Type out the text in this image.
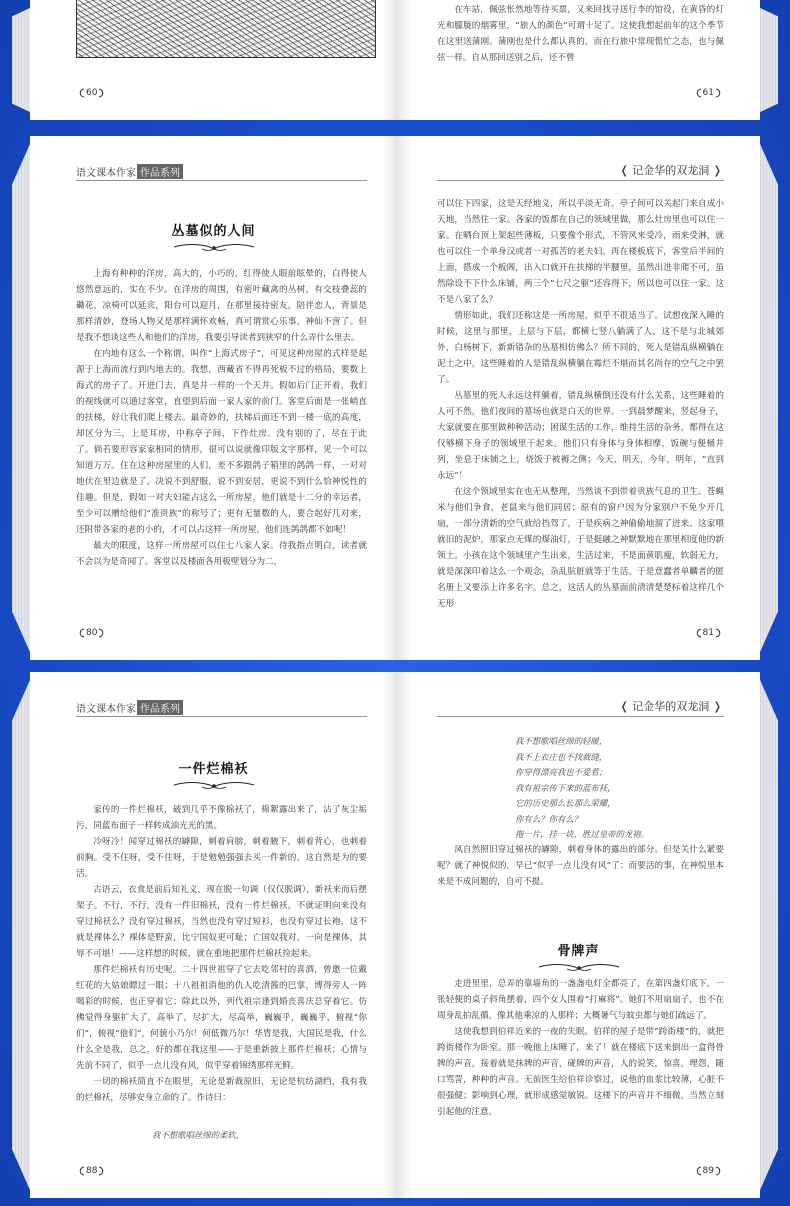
60

在车站，佩弦怅然地等待买票，又来回找寻送行李的馆役，在黄昏的灯光和朦胧的烟雾里，“旅人的颜色”可谓十足了。这使我想起前年的这个季节在这里送蒲刚。蒲刚也是什么都认真的，而在行旅中常现慌忙之态，也与佩弦一样。自从那回送别之后，还不曾

61
语文课本作家 作品系列
丛墓似的人间

上海有种种的洋房，高大的，小巧的，红得使人眼前眩晕的，白得使人悠然意远的，实在不少。在洋房的周围，有密叶藏禽的丛树，有交枝叠蕊的磡花，凉椅可以延宾，阳台可以迎月，在那里接待密友，陪伴恋人，背景是那样清妙，登场人物又是那样满怀欢畅，真可谓赏心乐事，神仙不啻了。但是我不想谈这些人和他们的洋房，我要引导读者到狭窄的什么弄什么里去。

在内地有这么一个称谓，叫作“上海式房子”，可见这种房屋的式样是起源于上海而流行到内地去的。我想，西藏省不得再死板不过的格局，要数上海式的房子了。开进门去，真是井一样的一个天井。假如后门正开着，我们的视线就可以通过客堂，直望到后面一家人家的前门。客堂后面是一张峭直的扶梯，好让我们爬上楼去。最奇妙的，扶梯后面还不到一楼一底的高度，却区分为三，上是耳房，中称亭子间，下作灶房。没有别的了，尽在于此了。倘若要形容家家相同的情形，很可以说就像印版文字那样，见一个可以知道万万。住在这种房屋里的人们，差不多跟鸽子箱里的鸽鸽一样，一对对地伏在里边就是了。决说不到舒服，说不到安居，更说不到什么恰神悦性的佳趣。但是，假如一对夫妇能占这么一所房屋，他们就是十二分的幸运者，至少可以赠给他们“准贵族”的称号了；更有无量数的人，要合起好几对来，还附带各家的老的小的，才可以占这样一所房屋，他们连鸽鸽都不如呢！

最大的限度，这样一所房屋可以住七八家人家。待我指点明白，读者就不会以为是奇闻了。客堂以及楼面各用板壁划分为二，

80
❬ 记金华的双龙洞 ❭

可以住下四家，这是天经地义，所以平淡无奇。亭子间可以关起门来自成小天地，当然住一家。各家的饭都在自己的领域里做，那么灶房里也可以住一家。在晒台顶上架起些薄板，只要像个形式，不管风来受冷，雨来受淋，就也可以住一个单身汉或者一对孤苦的老夫妇。再在楼板底下，客堂后半间的上面，搭成一个板阁，出入口就开在扶梯的半腰里，虽然出进非爬不可，虽然除设不下什么床铺，两三个“七尺之躯”还容得下，所以也可以住一家。这不是八家了么？

情形如此，我们还称这是一所房屋，似乎不很适当了。试想夜深入睡的时候，这里与那里，上层与下层，都横七竖八躺满了人，这不是与北城郊外，白杨树下，新新错杂的丛墓相仿佛么？所不同的，死人是错乱纵横躺在泥土之中，这些睡着的人是错乱纵横躺在霉烂不堪而其名尚存的空气之中罢了。

丛墓里的死人永远这样躺着，错乱纵横倒还没有什么关系，这些睡着的人可不然，他们夜间的墓场也就是白天的世界。一到晨梦醒来，竖起身子，大家就要在那里做种种活动；困谋生活的工作，维持生活的杂务，都得在这仅够横下身子的领域里干起来。他们只有身体与身体相摩，饭碗与便桶并列，坐息于床铺之上，烧饭于被褥之侧；今天，明天，今年，明年，“直到永远”！

在这个领域里实在也无从整理，当然谈不到带着贵族气息的卫生。苍蝇米与他们争食，老鼠来与他们同居；原有的窗户因为分家别户不免少开几扇，一部分清新的空气就给挡驾了，于是疾病之神偷偷地溜了进来。这家喂就旧的泥炉，那家点无煤的煤油灯，于是挺融之神默默地在那里相度他的新领土。小孩在这个领域里产生出来，生活过来，不是面黄肌瘦，软弱无力，就是深深印着这么一个观念，杂乱肮脏就等于生活。于是意蠢者单麟者的匿名册上又要添上许多名字。总之，这活人的丛墓面前清清楚楚标着这样几个无形

81
语文课本作家 作品系列
一件烂棉袄

家传的一件烂棉袄，破到几乎不像棉袄了，棉絮露出来了，沾了灰尘垢污，同蓝布面子一样转成油光光的黑。

冷呀冷！闻穿过棉袄的罅隙，刺着肩膀，刺着腋下，刺着背心，也刺着前胸。受不住呀，受不住呀，于是勉勉强强去买一件新的，这自然是为的要活。

古语云，衣食是前后知礼义，现在脱一句调（仅仅脱调），新袄来而后摆架子。不行，不行，没有一件旧棉袄，没有一件烂棉袄，不就证明向来没有穿过棉袄么？没有穿过棉袄，当然也没有穿过短衫，也没有穿过长袍，这不就是裸体么？裸体是野蛮，比宁国奴更可耻；亡国奴我对，一向是裸体，其辱不可堪！——这样想的时候，就在重地把那件烂棉袄捡起来。

那件烂棉袄有历史呢。二十四世祖穿了它去吃邻村的喜酒，曾邀一位戴红花的大姑娘瞟过一眼；十八祖祖消他的仇人吃清酱的巴掌，博得旁人一阵喝彩的时候，也正穿着它；除此以外，列代祖宗逢到婚丧喜庆总穿着它。仿佛觉得身躯扩大了，高举了，尽扩大，尽高举，巍巍乎，巍巍乎，俯视“你们”，俯视“他们”，何藐小乃尔！何低微乃尔！华胄是我，大国民是我，什么什么全是我，总之，好的都在我这里——于是重新披上那件烂棉袄；心情与先前不同了，似乎一点儿没有风，似乎穿着锦绣那样光鲜。

一切的棉袄简直不在眼里，无论是新裁原旧，无论是杭纺湖绉，我有我的烂棉袄，尽够安身立命的了。作诗曰：

我不想歌唱丝绵的柔软，
88
❬ 记金华的双龙洞 ❭
我不想歌唱丝绵的轻暖，
我不上衣庄也不找裁缝，
你穿得漂亮我也不爱看；
我有祖宗传下来的蓝布袄，
它的历史那么长那么荣耀，
你有么？你有么？
拖一片，挂一块，胜过皇帝的龙袍。

风自然照旧穿过棉袄的罅隙，刺着身体的露出的部分。但是关什么紧要呢？就了神悦似的，早已“似乎一点儿没有风”了：而要活的事，在神悦里本来是不成问题的，自可不提。

骨牌声

走进里里，总弄的靠墙角的一盏盏电灯全都亮了，在第四盏灯底下，一张轻便的桌子斜角摆着，四个女人围着“打麻将”。她们不用扇扇子，也不在周身乱拍乱循，像其他乘凉的人那样；大概暑气与蚊虫都与她们疏远了。

这使我想到伯祥近来的一夜的失眠。伯祥的屋子是带“跨街楼”的，就把跨街楼作为卧室。那一晚他上床睡了，来了！就在楼底下送来倒出一盒得骨牌的声音，接着就是抹牌的声音，碰牌的声音，人的说笑，惊喜，埋怨，随口骂詈，种种的声音。无前医生给伯祥诊察过，说他的血浆比较薄，心脏不很强健；影响到心理，就形成感觉敏锐。这楼下的声音并不细微，当然立刻引起他的注意，

89
